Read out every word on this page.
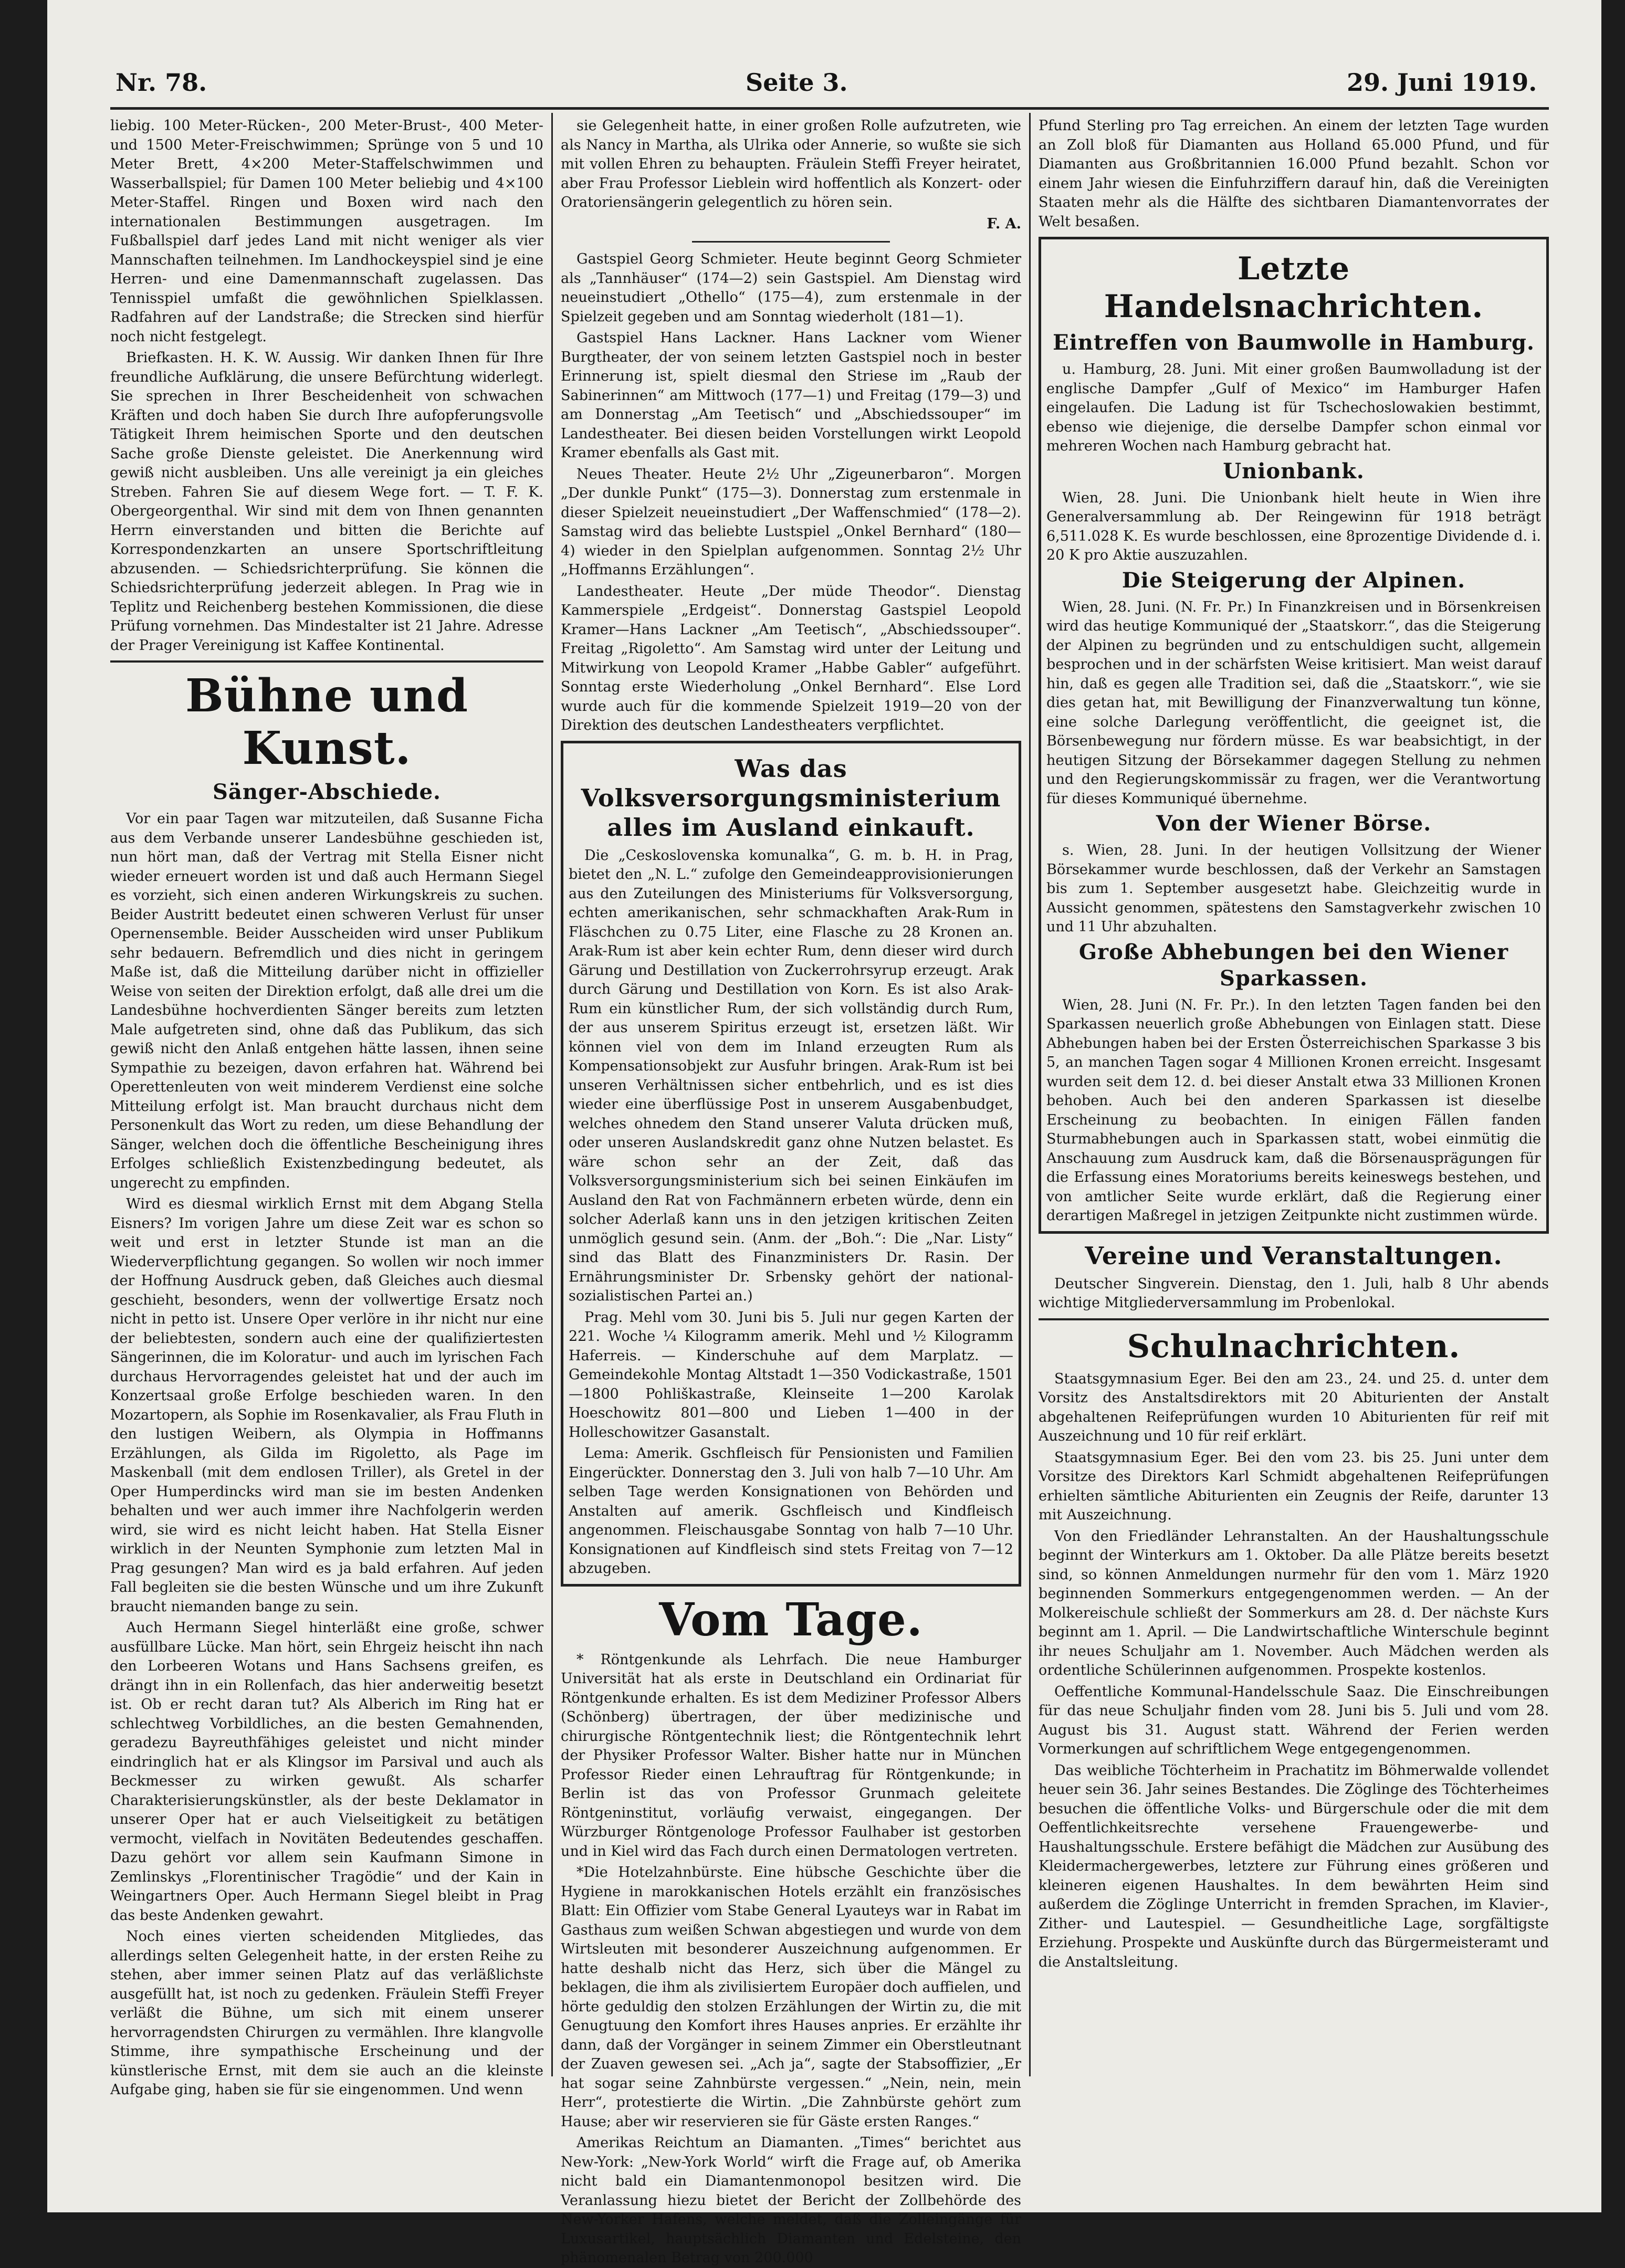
Nr. 78.	Seite 3.	29. Juni 1919.

liebig. 100 Meter-Rücken-, 200 Meter-Brust-, 400 Meter- und 1500 Meter-Freischwimmen; Sprünge von 5 und 10 Meter Brett, 4×200 Meter-Staffelschwimmen und Wasserballspiel; für Damen 100 Meter beliebig und 4×100 Meter-Staffel. Ringen und Boxen wird nach den internationalen Bestimmungen ausgetragen. Im Fußballspiel darf jedes Land mit nicht weniger als vier Mannschaften teilnehmen. Im Landhockeyspiel sind je eine Herren- und eine Damenmannschaft zugelassen. Das Tennisspiel umfaßt die gewöhnlichen Spielklassen. Radfahren auf der Landstraße; die Strecken sind hierfür noch nicht festgelegt.

Briefkasten. H. K. W. Aussig. Wir danken Ihnen für Ihre freundliche Aufklärung, die unsere Befürchtung widerlegt. Sie sprechen in Ihrer Bescheidenheit von schwachen Kräften und doch haben Sie durch Ihre aufopferungsvolle Tätigkeit Ihrem heimischen Sporte und den deutschen Sache große Dienste geleistet. Die Anerkennung wird gewiß nicht ausbleiben. Uns alle vereinigt ja ein gleiches Streben. Fahren Sie auf diesem Wege fort. — T. F. K. Obergeorgenthal. Wir sind mit dem von Ihnen genannten Herrn einverstanden und bitten die Berichte auf Korrespondenzkarten an unsere Sportschriftleitung abzusenden. — Schiedsrichterprüfung. Sie können die Schiedsrichterprüfung jederzeit ablegen. In Prag wie in Teplitz und Reichenberg bestehen Kommissionen, die diese Prüfung vornehmen. Das Mindestalter ist 21 Jahre. Adresse der Prager Vereinigung ist Kaffee Kontinental.

Bühne und Kunst.
Sänger-Abschiede.

Vor ein paar Tagen war mitzuteilen, daß Susanne Ficha aus dem Verbande unserer Landesbühne geschieden ist, nun hört man, daß der Vertrag mit Stella Eisner nicht wieder erneuert worden ist und daß auch Hermann Siegel es vorzieht, sich einen anderen Wirkungskreis zu suchen. Beider Austritt bedeutet einen schweren Verlust für unser Opernensemble. Beider Ausscheiden wird unser Publikum sehr bedauern. Befremdlich und dies nicht in geringem Maße ist, daß die Mitteilung darüber nicht in offizieller Weise von seiten der Direktion erfolgt, daß alle drei um die Landesbühne hochverdienten Sänger bereits zum letzten Male aufgetreten sind, ohne daß das Publikum, das sich gewiß nicht den Anlaß entgehen hätte lassen, ihnen seine Sympathie zu bezeigen, davon erfahren hat. Während bei Operettenleuten von weit minderem Verdienst eine solche Mitteilung erfolgt ist. Man braucht durchaus nicht dem Personenkult das Wort zu reden, um diese Behandlung der Sänger, welchen doch die öffentliche Bescheinigung ihres Erfolges schließlich Existenzbedingung bedeutet, als ungerecht zu empfinden.

Wird es diesmal wirklich Ernst mit dem Abgang Stella Eisners? Im vorigen Jahre um diese Zeit war es schon so weit und erst in letzter Stunde ist man an die Wiederverpflichtung gegangen. So wollen wir noch immer der Hoffnung Ausdruck geben, daß Gleiches auch diesmal geschieht, besonders, wenn der vollwertige Ersatz noch nicht in petto ist. Unsere Oper verlöre in ihr nicht nur eine der beliebtesten, sondern auch eine der qualifiziertesten Sängerinnen, die im Koloratur- und auch im lyrischen Fach durchaus Hervorragendes geleistet hat und der auch im Konzertsaal große Erfolge beschieden waren. In den Mozartopern, als Sophie im Rosenkavalier, als Frau Fluth in den lustigen Weibern, als Olympia in Hoffmanns Erzählungen, als Gilda im Rigoletto, als Page im Maskenball (mit dem endlosen Triller), als Gretel in der Oper Humperdincks wird man sie im besten Andenken behalten und wer auch immer ihre Nachfolgerin werden wird, sie wird es nicht leicht haben. Hat Stella Eisner wirklich in der Neunten Symphonie zum letzten Mal in Prag gesungen? Man wird es ja bald erfahren. Auf jeden Fall begleiten sie die besten Wünsche und um ihre Zukunft braucht niemanden bange zu sein.

Auch Hermann Siegel hinterläßt eine große, schwer ausfüllbare Lücke. Man hört, sein Ehrgeiz heischt ihn nach den Lorbeeren Wotans und Hans Sachsens greifen, es drängt ihn in ein Rollenfach, das hier anderweitig besetzt ist. Ob er recht daran tut? Als Alberich im Ring hat er schlechtweg Vorbildliches, an die besten Gemahnenden, geradezu Bayreuthfähiges geleistet und nicht minder eindringlich hat er als Klingsor im Parsival und auch als Beckmesser zu wirken gewußt. Als scharfer Charakterisierungskünstler, als der beste Deklamator in unserer Oper hat er auch Vielseitigkeit zu betätigen vermocht, vielfach in Novitäten Bedeutendes geschaffen. Dazu gehört vor allem sein Kaufmann Simone in Zemlinskys „Florentinischer Tragödie“ und der Kain in Weingartners Oper. Auch Hermann Siegel bleibt in Prag das beste Andenken gewahrt.

Noch eines vierten scheidenden Mitgliedes, das allerdings selten Gelegenheit hatte, in der ersten Reihe zu stehen, aber immer seinen Platz auf das verläßlichste ausgefüllt hat, ist noch zu gedenken. Fräulein Steffi Freyer verläßt die Bühne, um sich mit einem unserer hervorragendsten Chirurgen zu vermählen. Ihre klangvolle Stimme, ihre sympathische Erscheinung und der künstlerische Ernst, mit dem sie auch an die kleinste Aufgabe ging, haben sie für sie eingenommen. Und wenn

sie Gelegenheit hatte, in einer großen Rolle aufzutreten, wie als Nancy in Martha, als Ulrika oder Annerie, so wußte sie sich mit vollen Ehren zu behaupten. Fräulein Steffi Freyer heiratet, aber Frau Professor Lieblein wird hoffentlich als Konzert- oder Oratoriensängerin gelegentlich zu hören sein.

F. A.

Gastspiel Georg Schmieter. Heute beginnt Georg Schmieter als „Tannhäuser“ (174—2) sein Gastspiel. Am Dienstag wird neueinstudiert „Othello“ (175—4), zum erstenmale in der Spielzeit gegeben und am Sonntag wiederholt (181—1).

Gastspiel Hans Lackner. Hans Lackner vom Wiener Burgtheater, der von seinem letzten Gastspiel noch in bester Erinnerung ist, spielt diesmal den Striese im „Raub der Sabinerinnen“ am Mittwoch (177—1) und Freitag (179—3) und am Donnerstag „Am Teetisch“ und „Abschiedssouper“ im Landestheater. Bei diesen beiden Vorstellungen wirkt Leopold Kramer ebenfalls als Gast mit.

Neues Theater. Heute 2½ Uhr „Zigeunerbaron“. Morgen „Der dunkle Punkt“ (175—3). Donnerstag zum erstenmale in dieser Spielzeit neueinstudiert „Der Waffenschmied“ (178—2). Samstag wird das beliebte Lustspiel „Onkel Bernhard“ (180—4) wieder in den Spielplan aufgenommen. Sonntag 2½ Uhr „Hoffmanns Erzählungen“.

Landestheater. Heute „Der müde Theodor“. Dienstag Kammerspiele „Erdgeist“. Donnerstag Gastspiel Leopold Kramer—Hans Lackner „Am Teetisch“, „Abschiedssouper“. Freitag „Rigoletto“. Am Samstag wird unter der Leitung und Mitwirkung von Leopold Kramer „Habbe Gabler“ aufgeführt. Sonntag erste Wiederholung „Onkel Bernhard“. Else Lord wurde auch für die kommende Spielzeit 1919—20 von der Direktion des deutschen Landestheaters verpflichtet.

Was das Volksversorgungsministerium alles im Ausland einkauft.

Die „Ceskoslovenska komunalka“, G. m. b. H. in Prag, bietet den „N. L.“ zufolge den Gemeindeapprovisionierungen aus den Zuteilungen des Ministeriums für Volksversorgung, echten amerikanischen, sehr schmackhaften Arak-Rum in Fläschchen zu 0.75 Liter, eine Flasche zu 28 Kronen an. Arak-Rum ist aber kein echter Rum, denn dieser wird durch Gärung und Destillation von Zuckerrohrsyrup erzeugt. Arak durch Gärung und Destillation von Korn. Es ist also Arak-Rum ein künstlicher Rum, der sich vollständig durch Rum, der aus unserem Spiritus erzeugt ist, ersetzen läßt. Wir können viel von dem im Inland erzeugten Rum als Kompensationsobjekt zur Ausfuhr bringen. Arak-Rum ist bei unseren Verhältnissen sicher entbehrlich, und es ist dies wieder eine überflüssige Post in unserem Ausgabenbudget, welches ohnedem den Stand unserer Valuta drücken muß, oder unseren Auslandskredit ganz ohne Nutzen belastet. Es wäre schon sehr an der Zeit, daß das Volksversorgungsministerium sich bei seinen Einkäufen im Ausland den Rat von Fachmännern erbeten würde, denn ein solcher Aderlaß kann uns in den jetzigen kritischen Zeiten unmöglich gesund sein. (Anm. der „Boh.“: Die „Nar. Listy“ sind das Blatt des Finanzministers Dr. Rasin. Der Ernährungsminister Dr. Srbensky gehört der national-sozialistischen Partei an.)

Prag. Mehl vom 30. Juni bis 5. Juli nur gegen Karten der 221. Woche ¼ Kilogramm amerik. Mehl und ½ Kilogramm Haferreis. — Kinderschuhe auf dem Marplatz. — Gemeindekohle Montag Altstadt 1—350 Vodickastraße, 1501—1800 Pohliškastraße, Kleinseite 1—200 Karolak Hoeschowitz 801—800 und Lieben 1—400 in der Holleschowitzer Gasanstalt.

Lema: Amerik. Gschfleisch für Pensionisten und Familien Eingerückter. Donnerstag den 3. Juli von halb 7—10 Uhr. Am selben Tage werden Konsignationen von Behörden und Anstalten auf amerik. Gschfleisch und Kindfleisch angenommen. Fleischausgabe Sonntag von halb 7—10 Uhr. Konsignationen auf Kindfleisch sind stets Freitag von 7—12 abzugeben.

Vom Tage.

* Röntgenkunde als Lehrfach. Die neue Hamburger Universität hat als erste in Deutschland ein Ordinariat für Röntgenkunde erhalten. Es ist dem Mediziner Professor Albers (Schönberg) übertragen, der über medizinische und chirurgische Röntgentechnik liest; die Röntgentechnik lehrt der Physiker Professor Walter. Bisher hatte nur in München Professor Rieder einen Lehrauftrag für Röntgenkunde; in Berlin ist das von Professor Grunmach geleitete Röntgeninstitut, vorläufig verwaist, eingegangen. Der Würzburger Röntgenologe Professor Faulhaber ist gestorben und in Kiel wird das Fach durch einen Dermatologen vertreten.

*Die Hotelzahnbürste. Eine hübsche Geschichte über die Hygiene in marokkanischen Hotels erzählt ein französisches Blatt: Ein Offizier vom Stabe General Lyauteys war in Rabat im Gasthaus zum weißen Schwan abgestiegen und wurde von dem Wirtsleuten mit besonderer Auszeichnung aufgenommen. Er hatte deshalb nicht das Herz, sich über die Mängel zu beklagen, die ihm als zivilisiertem Europäer doch auffielen, und hörte geduldig den stolzen Erzählungen der Wirtin zu, die mit Genugtuung den Komfort ihres Hauses anpries. Er erzählte ihr dann, daß der Vorgänger in seinem Zimmer ein Oberstleutnant der Zuaven gewesen sei. „Ach ja“, sagte der Stabsoffizier, „Er hat sogar seine Zahnbürste vergessen.“ „Nein, nein, mein Herr“, protestierte die Wirtin. „Die Zahnbürste gehört zum Hause; aber wir reservieren sie für Gäste ersten Ranges.“

Amerikas Reichtum an Diamanten. „Times“ berichtet aus New-York: „New-York World“ wirft die Frage auf, ob Amerika nicht bald ein Diamantenmonopol besitzen wird. Die Veranlassung hiezu bietet der Bericht der Zollbehörde des New-Yorker Hafens, welche meldet, daß die Zolleingänge für Luxusartikel, hauptsächlich Diamanten und Edelsteine, den phänomenalen Betrag von 200.000

Pfund Sterling pro Tag erreichen. An einem der letzten Tage wurden an Zoll bloß für Diamanten aus Holland 65.000 Pfund, und für Diamanten aus Großbritannien 16.000 Pfund bezahlt. Schon vor einem Jahr wiesen die Einfuhrziffern darauf hin, daß die Vereinigten Staaten mehr als die Hälfte des sichtbaren Diamantenvorrates der Welt besaßen.

Letzte Handelsnachrichten.
Eintreffen von Baumwolle in Hamburg.

u. Hamburg, 28. Juni. Mit einer großen Baumwolladung ist der englische Dampfer „Gulf of Mexico“ im Hamburger Hafen eingelaufen. Die Ladung ist für Tschechoslowakien bestimmt, ebenso wie diejenige, die derselbe Dampfer schon einmal vor mehreren Wochen nach Hamburg gebracht hat.

Unionbank.

Wien, 28. Juni. Die Unionbank hielt heute in Wien ihre Generalversammlung ab. Der Reingewinn für 1918 beträgt 6,511.028 K. Es wurde beschlossen, eine 8prozentige Dividende d. i. 20 K pro Aktie auszuzahlen.

Die Steigerung der Alpinen.

Wien, 28. Juni. (N. Fr. Pr.) In Finanzkreisen und in Börsenkreisen wird das heutige Kommuniqué der „Staatskorr.“, das die Steigerung der Alpinen zu begründen und zu entschuldigen sucht, allgemein besprochen und in der schärfsten Weise kritisiert. Man weist darauf hin, daß es gegen alle Tradition sei, daß die „Staatskorr.“, wie sie dies getan hat, mit Bewilligung der Finanzverwaltung tun könne, eine solche Darlegung veröffentlicht, die geeignet ist, die Börsenbewegung nur fördern müsse. Es war beabsichtigt, in der heutigen Sitzung der Börsekammer dagegen Stellung zu nehmen und den Regierungskommissär zu fragen, wer die Verantwortung für dieses Kommuniqué übernehme.

Von der Wiener Börse.

s. Wien, 28. Juni. In der heutigen Vollsitzung der Wiener Börsekammer wurde beschlossen, daß der Verkehr an Samstagen bis zum 1. September ausgesetzt habe. Gleichzeitig wurde in Aussicht genommen, spätestens den Samstagverkehr zwischen 10 und 11 Uhr abzuhalten.

Große Abhebungen bei den Wiener Sparkassen.

Wien, 28. Juni (N. Fr. Pr.). In den letzten Tagen fanden bei den Sparkassen neuerlich große Abhebungen von Einlagen statt. Diese Abhebungen haben bei der Ersten Österreichischen Sparkasse 3 bis 5, an manchen Tagen sogar 4 Millionen Kronen erreicht. Insgesamt wurden seit dem 12. d. bei dieser Anstalt etwa 33 Millionen Kronen behoben. Auch bei den anderen Sparkassen ist dieselbe Erscheinung zu beobachten. In einigen Fällen fanden Sturmabhebungen auch in Sparkassen statt, wobei einmütig die Anschauung zum Ausdruck kam, daß die Börsenausprägungen für die Erfassung eines Moratoriums bereits keineswegs bestehen, und von amtlicher Seite wurde erklärt, daß die Regierung einer derartigen Maßregel in jetzigen Zeitpunkte nicht zustimmen würde.

Vereine und Veranstaltungen.

Deutscher Singverein. Dienstag, den 1. Juli, halb 8 Uhr abends wichtige Mitgliederversammlung im Probenlokal.

Schulnachrichten.

Staatsgymnasium Eger. Bei den am 23., 24. und 25. d. unter dem Vorsitz des Anstaltsdirektors mit 20 Abiturienten der Anstalt abgehaltenen Reifeprüfungen wurden 10 Abiturienten für reif mit Auszeichnung und 10 für reif erklärt.

Staatsgymnasium Eger. Bei den vom 23. bis 25. Juni unter dem Vorsitze des Direktors Karl Schmidt abgehaltenen Reifeprüfungen erhielten sämtliche Abiturienten ein Zeugnis der Reife, darunter 13 mit Auszeichnung.

Von den Friedländer Lehranstalten. An der Haushaltungsschule beginnt der Winterkurs am 1. Oktober. Da alle Plätze bereits besetzt sind, so können Anmeldungen nurmehr für den vom 1. März 1920 beginnenden Sommerkurs entgegengenommen werden. — An der Molkereischule schließt der Sommerkurs am 28. d. Der nächste Kurs beginnt am 1. April. — Die Landwirtschaftliche Winterschule beginnt ihr neues Schuljahr am 1. November. Auch Mädchen werden als ordentliche Schülerinnen aufgenommen. Prospekte kostenlos.

Oeffentliche Kommunal-Handelsschule Saaz. Die Einschreibungen für das neue Schuljahr finden vom 28. Juni bis 5. Juli und vom 28. August bis 31. August statt. Während der Ferien werden Vormerkungen auf schriftlichem Wege entgegengenommen.

Das weibliche Töchterheim in Prachatitz im Böhmerwalde vollendet heuer sein 36. Jahr seines Bestandes. Die Zöglinge des Töchterheimes besuchen die öffentliche Volks- und Bürgerschule oder die mit dem Oeffentlichkeitsrechte versehene Frauengewerbe- und Haushaltungsschule. Erstere befähigt die Mädchen zur Ausübung des Kleidermachergewerbes, letztere zur Führung eines größeren und kleineren eigenen Haushaltes. In dem bewährten Heim sind außerdem die Zöglinge Unterricht in fremden Sprachen, im Klavier-, Zither- und Lautespiel. — Gesundheitliche Lage, sorgfältigste Erziehung. Prospekte und Auskünfte durch das Bürgermeisteramt und die Anstaltsleitung.
